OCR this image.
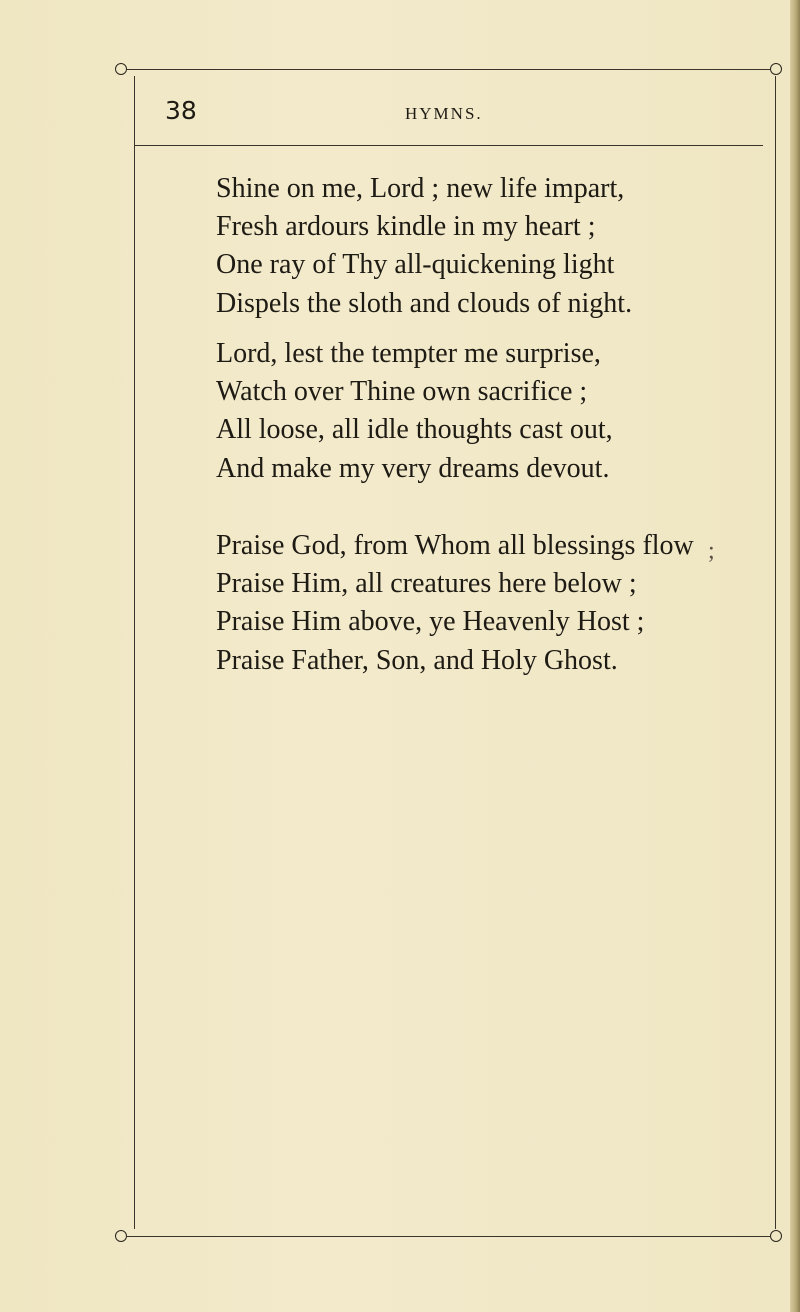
38	HYMNS.
Shine on me, Lord ; new life impart,
Fresh ardours kindle in my heart ;
One ray of Thy all-quickening light
Dispels the sloth and clouds of night.
Lord, lest the tempter me surprise,
Watch over Thine own sacrifice ;
All loose, all idle thoughts cast out,
And make my very dreams devout.
Praise God, from Whom all blessings flow
Praise Him, all creatures here below ;
Praise Him above, ye Heavenly Host ;
Praise Father, Son, and Holy Ghost.
;
